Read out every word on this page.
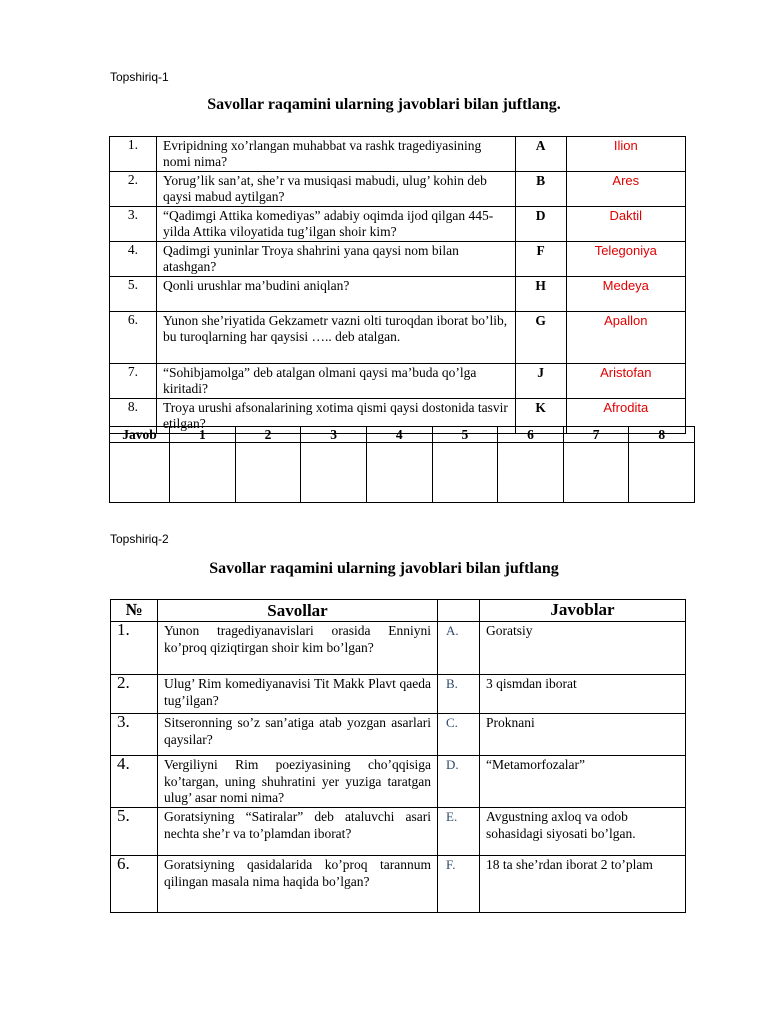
Topshiriq-1
Savollar raqamini ularning javoblari bilan juftlang.
1.	Evripidning xo’rlangan muhabbat va rashk tragediyasining nomi nima?	A	Ilion
2.	Yorug’lik san’at, she’r va musiqasi mabudi, ulug’ kohin deb qaysi mabud aytilgan?	B	Ares
3.	“Qadimgi Attika komediyas” adabiy oqimda ijod qilgan 445-yilda Attika viloyatida tug’ilgan shoir kim?	D	Daktil
4.	Qadimgi yuninlar Troya shahrini yana qaysi nom bilan atashgan?	F	Telegoniya
5.	Qonli urushlar ma’budini aniqlan?	H	Medeya
6.	Yunon she’riyatida Gekzametr vazni olti turoqdan iborat bo’lib, bu turoqlarning har qaysisi ….. deb atalgan.	G	Apallon
7.	“Sohibjamolga” deb atalgan olmani qaysi ma’buda qo’lga kiritadi?	J	Aristofan
8.	Troya urushi afsonalarining xotima qismi qaysi dostonida tasvir etilgan?	K	Afrodita
Javob	1	2	3	4	5	6	7	8

Topshiriq-2
Savollar raqamini ularning javoblari bilan juftlang
№	Savollar		Javoblar
1.	Yunon tragediyanavislari orasida Enniyni ko’proq qiziqtirgan shoir kim bo’lgan?	A.	Goratsiy
2.	Ulug’ Rim komediyanavisi Tit Makk Plavt qaeda tug’ilgan?	B.	3 qismdan iborat
3.	Sitseronning so’z san’atiga atab yozgan asarlari qaysilar?	C.	Proknani
4.	Vergiliyni Rim poeziyasining cho’qqisiga ko’targan, uning shuhratini yer yuziga taratgan ulug’ asar nomi nima?	D.	“Metamorfozalar”
5.	Goratsiyning “Satiralar” deb ataluvchi asari nechta she’r va to’plamdan iborat?	E.	Avgustning axloq va odob sohasidagi siyosati bo’lgan.
6.	Goratsiyning qasidalarida ko’proq tarannum qilingan masala nima haqida bo’lgan?	F.	18 ta she’rdan iborat 2 to’plam
